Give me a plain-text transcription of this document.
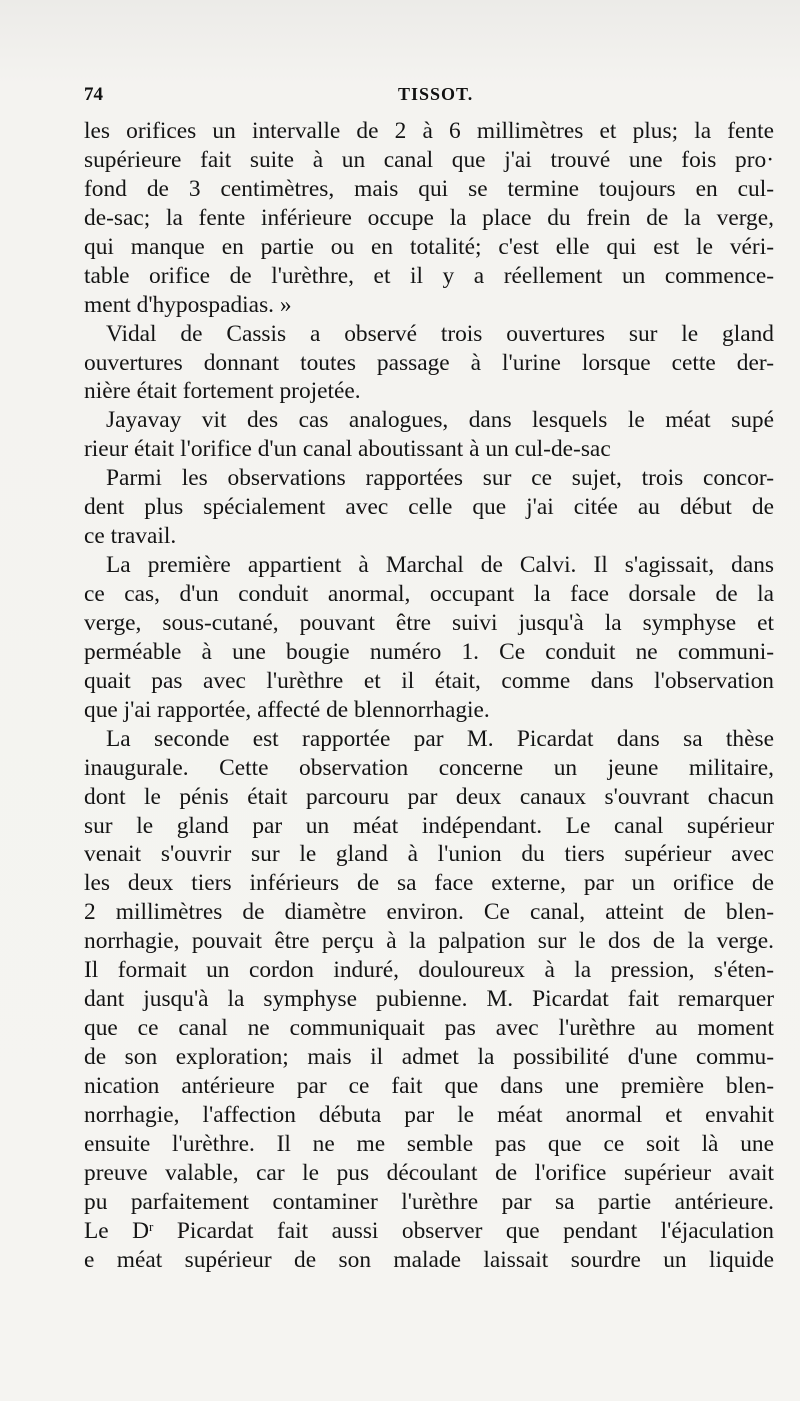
74	TISSOT.
les orifices un intervalle de 2 à 6 millimètres et plus; la fente
supérieure fait suite à un canal que j'ai trouvé une fois pro·
fond de 3 centimètres, mais qui se termine toujours en cul-
de-sac; la fente inférieure occupe la place du frein de la verge,
qui manque en partie ou en totalité; c'est elle qui est le véri-
table orifice de l'urèthre, et il y a réellement un commence-
ment d'hypospadias. »
Vidal de Cassis a observé trois ouvertures sur le gland
ouvertures donnant toutes passage à l'urine lorsque cette der-
nière était fortement projetée.
Jayavay vit des cas analogues, dans lesquels le méat supé
rieur était l'orifice d'un canal aboutissant à un cul-de-sac
Parmi les observations rapportées sur ce sujet, trois concor-
dent plus spécialement avec celle que j'ai citée au début de
ce travail.
La première appartient à Marchal de Calvi. Il s'agissait, dans
ce cas, d'un conduit anormal, occupant la face dorsale de la
verge, sous-cutané, pouvant être suivi jusqu'à la symphyse et
perméable à une bougie numéro 1. Ce conduit ne communi-
quait pas avec l'urèthre et il était, comme dans l'observation
que j'ai rapportée, affecté de blennorrhagie.
La seconde est rapportée par M. Picardat dans sa thèse
inaugurale. Cette observation concerne un jeune militaire,
dont le pénis était parcouru par deux canaux s'ouvrant chacun
sur le gland par un méat indépendant. Le canal supérieur
venait s'ouvrir sur le gland à l'union du tiers supérieur avec
les deux tiers inférieurs de sa face externe, par un orifice de
2 millimètres de diamètre environ. Ce canal, atteint de blen-
norrhagie, pouvait être perçu à la palpation sur le dos de la verge.
Il formait un cordon induré, douloureux à la pression, s'éten-
dant jusqu'à la symphyse pubienne. M. Picardat fait remarquer
que ce canal ne communiquait pas avec l'urèthre au moment
de son exploration; mais il admet la possibilité d'une commu-
nication antérieure par ce fait que dans une première blen-
norrhagie, l'affection débuta par le méat anormal et envahit
ensuite l'urèthre. Il ne me semble pas que ce soit là une
preuve valable, car le pus découlant de l'orifice supérieur avait
pu parfaitement contaminer l'urèthre par sa partie antérieure.
Le $D^r$ Picardat fait aussi observer que pendant l'éjaculation
e méat supérieur de son malade laissait sourdre un liquide
